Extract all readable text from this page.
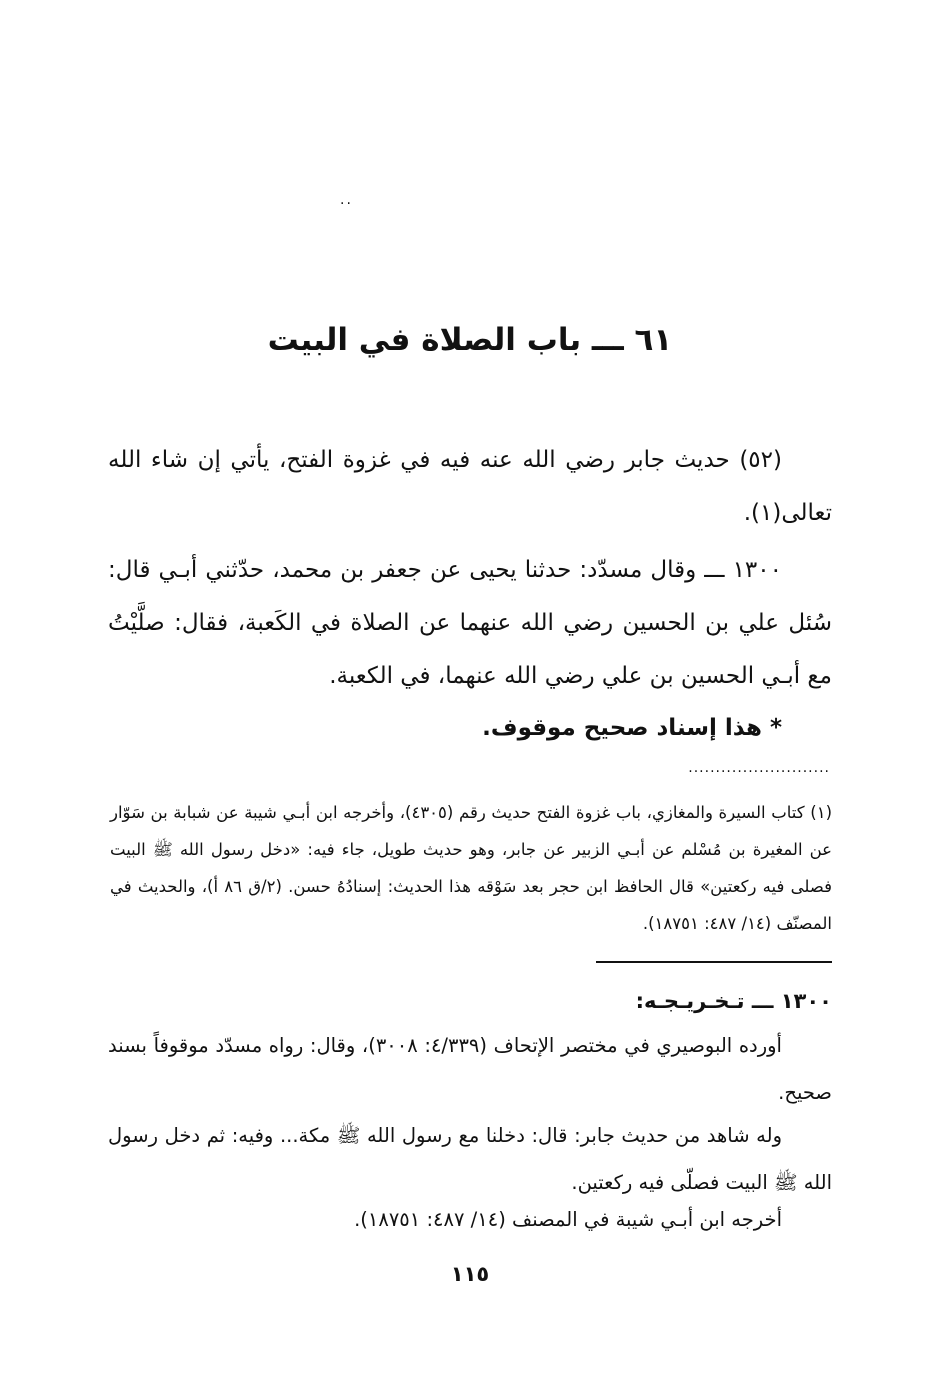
..
٦١ ـــ باب الصلاة في البيت

(٥٢) حديث جابر رضي الله عنه فيه في غزوة الفتح، يأتي إن شاء الله تعالى(١).

١٣٠٠ ـــ وقال مسدّد: حدثنا يحيى عن جعفر بن محمد، حدّثني أبـي قال: سُئل علي بن الحسين رضي الله عنهما عن الصلاة في الكَعبة، فقال: صلَّيْتُ مع أبـي الحسين بن علي رضي الله عنهما، في الكعبة.

*هذا إسناد صحيح موقوف.

..........................

(١) كتاب السيرة والمغازي، باب غزوة الفتح حديث رقم (٤٣٠٥)، وأخرجه ابن أبـي شيبة عن شبابة بن سَوّار عن المغيرة بن مُسْلم عن أبـي الزبير عن جابر، وهو حديث طويل، جاء فيه: «دخل رسول الله ﷺ البيت فصلى فيه ركعتين» قال الحافظ ابن حجر بعد سَوْقه هذا الحديث: إسنادُهُ حسن. (٢/ق ٨٦ أ)، والحديث في المصنّف (١٤/ ٤٨٧: ١٨٧٥١).

١٣٠٠ ـــ تـخـريـجـه:

أورده البوصيري في مختصر الإتحاف (٤/٣٣٩: ٣٠٠٨)، وقال: رواه مسدّد موقوفاً بسند صحيح.

وله شاهد من حديث جابر: قال: دخلنا مع رسول الله ﷺ مكة... وفيه: ثم دخل رسول الله ﷺ البيت فصلّى فيه ركعتين.

أخرجه ابن أبـي شيبة في المصنف (١٤/ ٤٨٧: ١٨٧٥١).

١١٥
